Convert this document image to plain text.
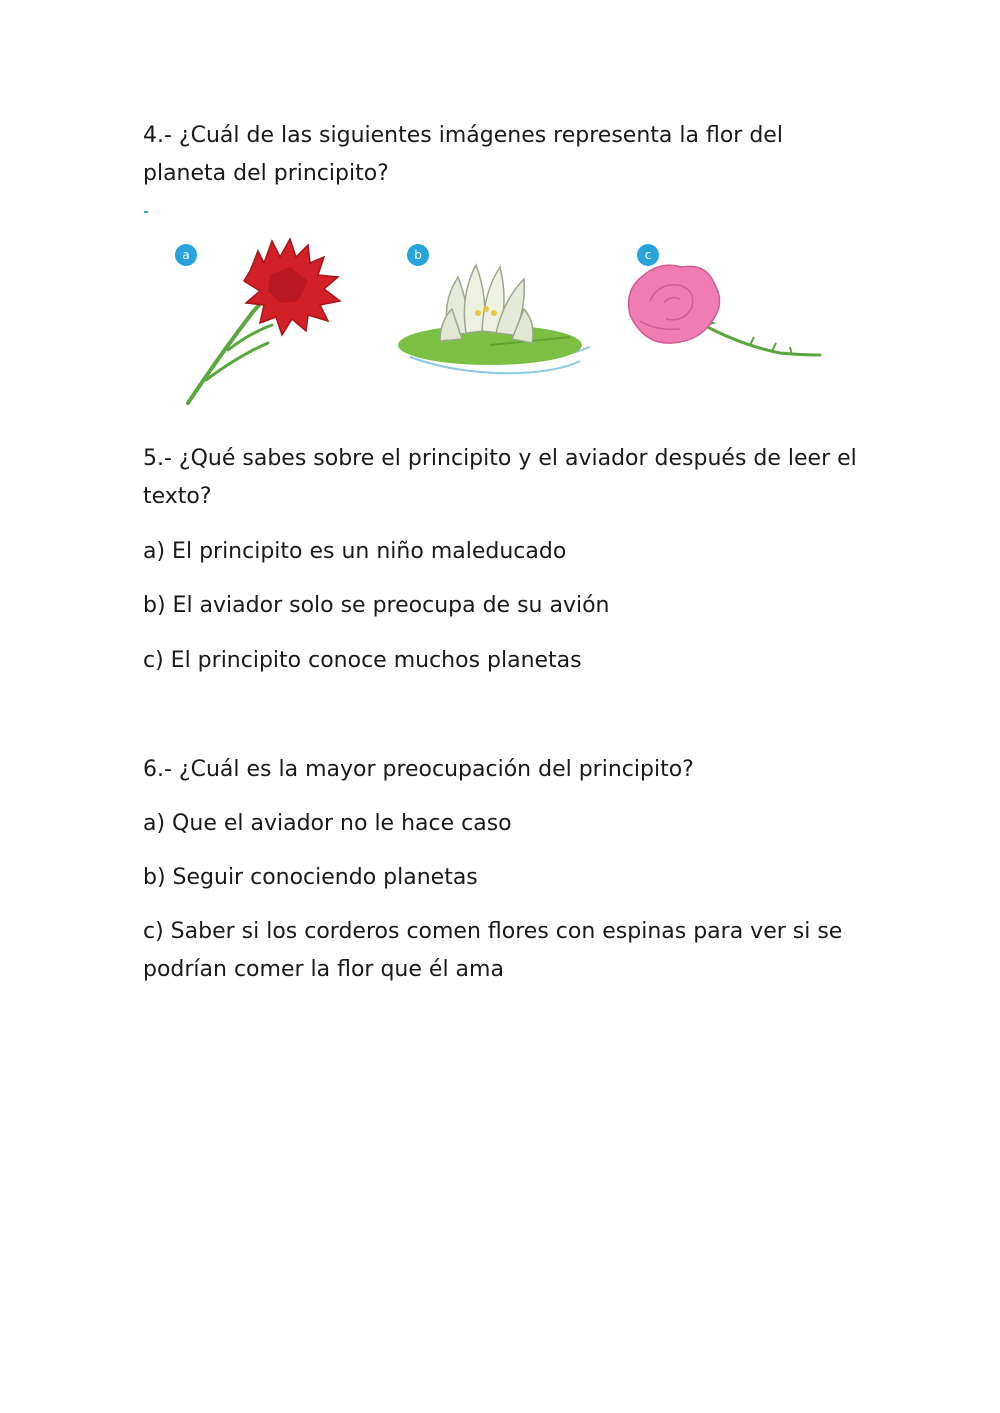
4.- ¿Cuál de las siguientes imágenes representa la flor del
planeta del principito?
a	b	c
5.- ¿Qué sabes sobre el principito y el aviador después de leer el
texto?
a) El principito es un niño maleducado
b) El aviador solo se preocupa de su avión
c) El principito conoce muchos planetas
6.- ¿Cuál es la mayor preocupación del principito?
a) Que el aviador no le hace caso
b) Seguir conociendo planetas
c) Saber si los corderos comen flores con espinas para ver si se
podrían comer la flor que él ama
